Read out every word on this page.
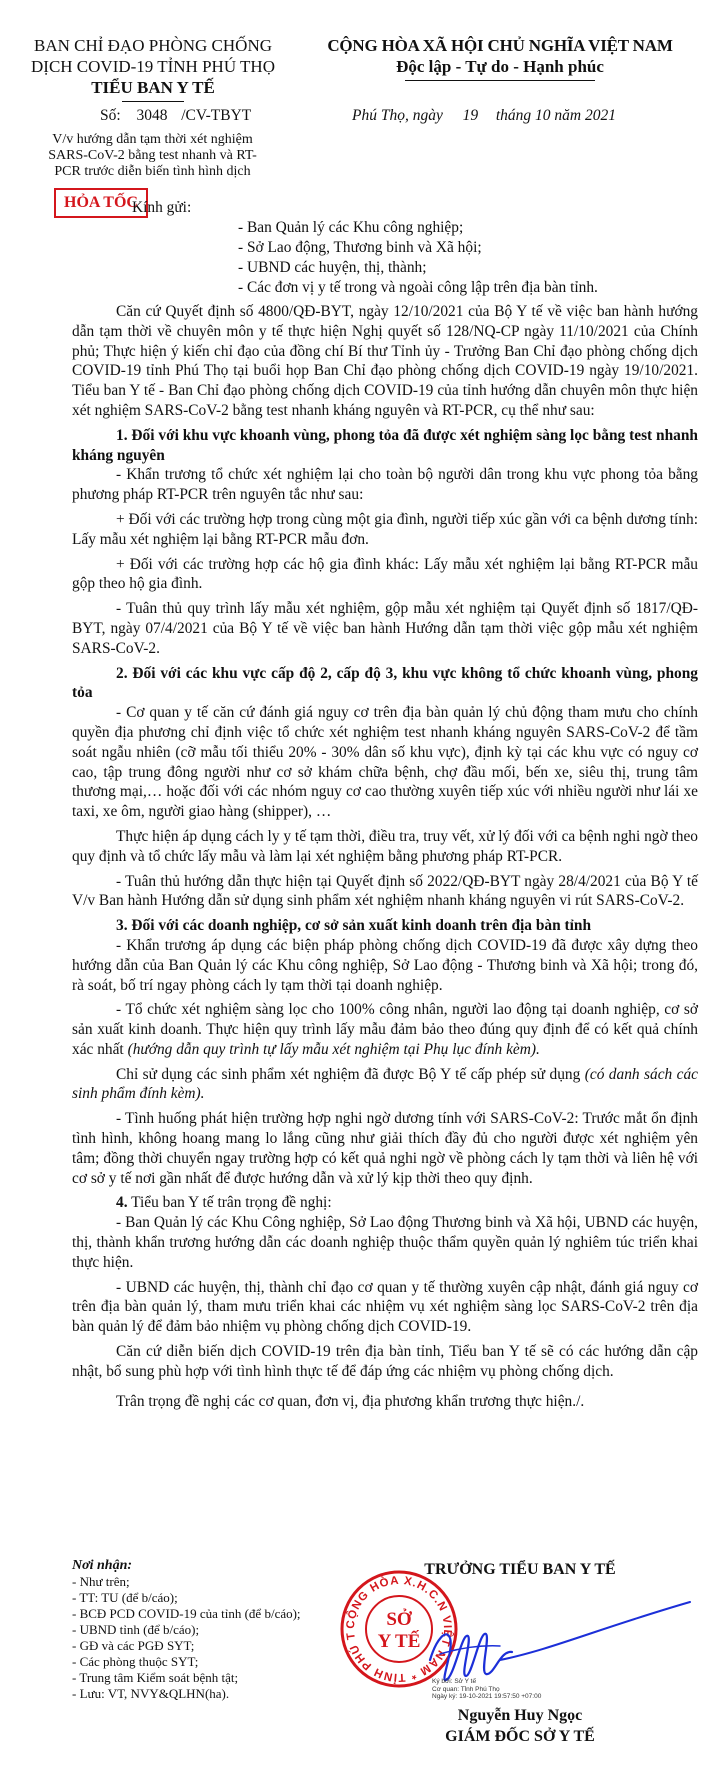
BAN CHỈ ĐẠO PHÒNG CHỐNG
DỊCH COVID-19 TỈNH PHÚ THỌ
TIỂU BAN Y TẾ
CỘNG HÒA XÃ HỘI CHỦ NGHĨA VIỆT NAM
Độc lập - Tự do - Hạnh phúc
Số: 3048 /CV-TBYT	Phú Thọ, ngày 19 tháng 10 năm 2021
V/v hướng dẫn tạm thời xét nghiệm
SARS-CoV-2 bằng test nhanh và RT-
PCR trước diễn biến tình hình dịch
HỎA TỐC
Kính gửi:
- Ban Quản lý các Khu công nghiệp;
- Sở Lao động, Thương binh và Xã hội;
- UBND các huyện, thị, thành;
- Các đơn vị y tế trong và ngoài công lập trên địa bàn tỉnh.

Căn cứ Quyết định số 4800/QĐ-BYT, ngày 12/10/2021 của Bộ Y tế về việc ban hành hướng dẫn tạm thời về chuyên môn y tế thực hiện Nghị quyết số 128/NQ-CP ngày 11/10/2021 của Chính phủ; Thực hiện ý kiến chỉ đạo của đồng chí Bí thư Tỉnh ủy - Trưởng Ban Chỉ đạo phòng chống dịch COVID-19 tỉnh Phú Thọ tại buổi họp Ban Chỉ đạo phòng chống dịch COVID-19 ngày 19/10/2021. Tiểu ban Y tế - Ban Chỉ đạo phòng chống dịch COVID-19 của tỉnh hướng dẫn chuyên môn thực hiện xét nghiệm SARS-CoV-2 bằng test nhanh kháng nguyên và RT-PCR, cụ thể như sau:

1. Đối với khu vực khoanh vùng, phong tỏa đã được xét nghiệm sàng lọc bằng test nhanh kháng nguyên

- Khẩn trương tổ chức xét nghiệm lại cho toàn bộ người dân trong khu vực phong tỏa bằng phương pháp RT-PCR trên nguyên tắc như sau:

+ Đối với các trường hợp trong cùng một gia đình, người tiếp xúc gần với ca bệnh dương tính: Lấy mẫu xét nghiệm lại bằng RT-PCR mẫu đơn.

+ Đối với các trường hợp các hộ gia đình khác: Lấy mẫu xét nghiệm lại bằng RT-PCR mẫu gộp theo hộ gia đình.

- Tuân thủ quy trình lấy mẫu xét nghiệm, gộp mẫu xét nghiệm tại Quyết định số 1817/QĐ-BYT, ngày 07/4/2021 của Bộ Y tế về việc ban hành Hướng dẫn tạm thời việc gộp mẫu xét nghiệm SARS-CoV-2.

2. Đối với các khu vực cấp độ 2, cấp độ 3, khu vực không tổ chức khoanh vùng, phong tỏa

- Cơ quan y tế căn cứ đánh giá nguy cơ trên địa bàn quản lý chủ động tham mưu cho chính quyền địa phương chỉ định việc tổ chức xét nghiệm test nhanh kháng nguyên SARS-CoV-2 để tầm soát ngẫu nhiên (cỡ mẫu tối thiểu 20% - 30% dân số khu vực), định kỳ tại các khu vực có nguy cơ cao, tập trung đông người như cơ sở khám chữa bệnh, chợ đầu mối, bến xe, siêu thị, trung tâm thương mại,… hoặc đối với các nhóm nguy cơ cao thường xuyên tiếp xúc với nhiều người như lái xe taxi, xe ôm, người giao hàng (shipper), …

Thực hiện áp dụng cách ly y tế tạm thời, điều tra, truy vết, xử lý đối với ca bệnh nghi ngờ theo quy định và tổ chức lấy mẫu và làm lại xét nghiệm bằng phương pháp RT-PCR.

- Tuân thủ hướng dẫn thực hiện tại Quyết định số 2022/QĐ-BYT ngày 28/4/2021 của Bộ Y tế V/v Ban hành Hướng dẫn sử dụng sinh phẩm xét nghiệm nhanh kháng nguyên vi rút SARS-CoV-2.

3. Đối với các doanh nghiệp, cơ sở sản xuất kinh doanh trên địa bàn tỉnh

- Khẩn trương áp dụng các biện pháp phòng chống dịch COVID-19 đã được xây dựng theo hướng dẫn của Ban Quản lý các Khu công nghiệp, Sở Lao động - Thương binh và Xã hội; trong đó, rà soát, bố trí ngay phòng cách ly tạm thời tại doanh nghiệp.

- Tổ chức xét nghiệm sàng lọc cho 100% công nhân, người lao động tại doanh nghiệp, cơ sở sản xuất kinh doanh. Thực hiện quy trình lấy mẫu đảm bảo theo đúng quy định để có kết quả chính xác nhất (hướng dẫn quy trình tự lấy mẫu xét nghiệm tại Phụ lục đính kèm).

Chỉ sử dụng các sinh phẩm xét nghiệm đã được Bộ Y tế cấp phép sử dụng (có danh sách các sinh phẩm đính kèm).

- Tình huống phát hiện trường hợp nghi ngờ dương tính với SARS-CoV-2: Trước mắt ổn định tình hình, không hoang mang lo lắng cũng như giải thích đầy đủ cho người được xét nghiệm yên tâm; đồng thời chuyển ngay trường hợp có kết quả nghi ngờ về phòng cách ly tạm thời và liên hệ với cơ sở y tế nơi gần nhất để được hướng dẫn và xử lý kịp thời theo quy định.

4. Tiểu ban Y tế trân trọng đề nghị:

- Ban Quản lý các Khu Công nghiệp, Sở Lao động Thương binh và Xã hội, UBND các huyện, thị, thành khẩn trương hướng dẫn các doanh nghiệp thuộc thẩm quyền quản lý nghiêm túc triển khai thực hiện.

- UBND các huyện, thị, thành chỉ đạo cơ quan y tế thường xuyên cập nhật, đánh giá nguy cơ trên địa bàn quản lý, tham mưu triển khai các nhiệm vụ xét nghiệm sàng lọc SARS-CoV-2 trên địa bàn quản lý để đảm bảo nhiệm vụ phòng chống dịch COVID-19.

Căn cứ diễn biến dịch COVID-19 trên địa bàn tỉnh, Tiểu ban Y tế sẽ có các hướng dẫn cập nhật, bổ sung phù hợp với tình hình thực tế để đáp ứng các nhiệm vụ phòng chống dịch.

Trân trọng đề nghị các cơ quan, đơn vị, địa phương khẩn trương thực hiện./.

Nơi nhận:
- Như trên;
- TT: TU (để b/cáo);
- BCĐ PCD COVID-19 của tỉnh (để b/cáo);
- UBND tỉnh (để b/cáo);
- GĐ và các PGĐ SYT;
- Các phòng thuộc SYT;
- Trung tâm Kiểm soát bệnh tật;
- Lưu: VT, NVY&QLHN(ha).
TRƯỞNG TIỂU BAN Y TẾ
CỘNG HÒA X.H.C.N VIỆT NAM * TỈNH PHÚ T
SỞ
Y TẾ
Ký bởi: Sở Y tế
Cơ quan: Tỉnh Phú Thọ
Ngày ký: 19-10-2021 19:57:50 +07:00
Nguyễn Huy Ngọc
GIÁM ĐỐC SỞ Y TẾ
